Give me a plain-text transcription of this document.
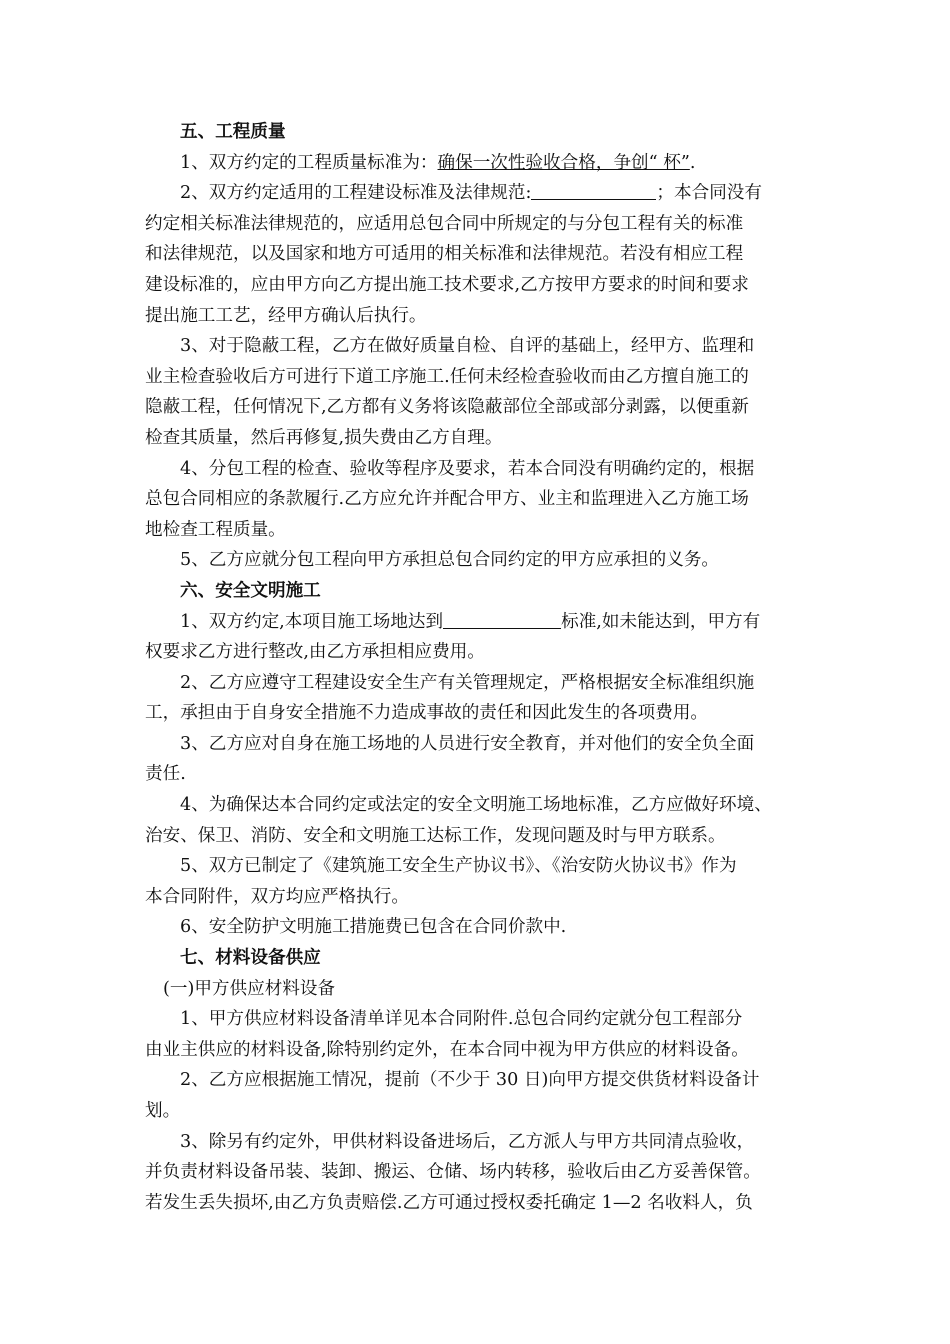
五、工程质量
1、双方约定的工程质量标准为：确保一次性验收合格，争创“ 杯”.
2、双方约定适用的工程建设标准及法律规范:	；本合同没有
约定相关标准法律规范的，应适用总包合同中所规定的与分包工程有关的标准
和法律规范，以及国家和地方可适用的相关标准和法律规范。若没有相应工程
建设标准的，应由甲方向乙方提出施工技术要求,乙方按甲方要求的时间和要求
提出施工工艺，经甲方确认后执行。
3、对于隐蔽工程，乙方在做好质量自检、自评的基础上，经甲方、监理和
业主检查验收后方可进行下道工序施工.任何未经检查验收而由乙方擅自施工的
隐蔽工程，任何情况下,乙方都有义务将该隐蔽部位全部或部分剥露，以便重新
检查其质量，然后再修复,损失费由乙方自理。
4、分包工程的检查、验收等程序及要求，若本合同没有明确约定的，根据
总包合同相应的条款履行.乙方应允许并配合甲方、业主和监理进入乙方施工场
地检查工程质量。
5、乙方应就分包工程向甲方承担总包合同约定的甲方应承担的义务。
六、安全文明施工
1、双方约定,本项目施工场地达到	标准,如未能达到，甲方有
权要求乙方进行整改,由乙方承担相应费用。
2、乙方应遵守工程建设安全生产有关管理规定，严格根据安全标准组织施
工，承担由于自身安全措施不力造成事故的责任和因此发生的各项费用。
3、乙方应对自身在施工场地的人员进行安全教育，并对他们的安全负全面
责任.
4、为确保达本合同约定或法定的安全文明施工场地标准，乙方应做好环境、
治安、保卫、消防、安全和文明施工达标工作，发现问题及时与甲方联系。
5、双方已制定了《建筑施工安全生产协议书》、《治安防火协议书》作为
本合同附件，双方均应严格执行。
6、安全防护文明施工措施费已包含在合同价款中.
七、材料设备供应
(一)甲方供应材料设备
1、甲方供应材料设备清单详见本合同附件.总包合同约定就分包工程部分
由业主供应的材料设备,除特别约定外，在本合同中视为甲方供应的材料设备。
2、乙方应根据施工情况，提前（不少于 30 日)向甲方提交供货材料设备计
划。
3、除另有约定外，甲供材料设备进场后，乙方派人与甲方共同清点验收，
并负责材料设备吊装、装卸、搬运、仓储、场内转移，验收后由乙方妥善保管。
若发生丢失损坏,由乙方负责赔偿.乙方可通过授权委托确定 1—2 名收料人，负
